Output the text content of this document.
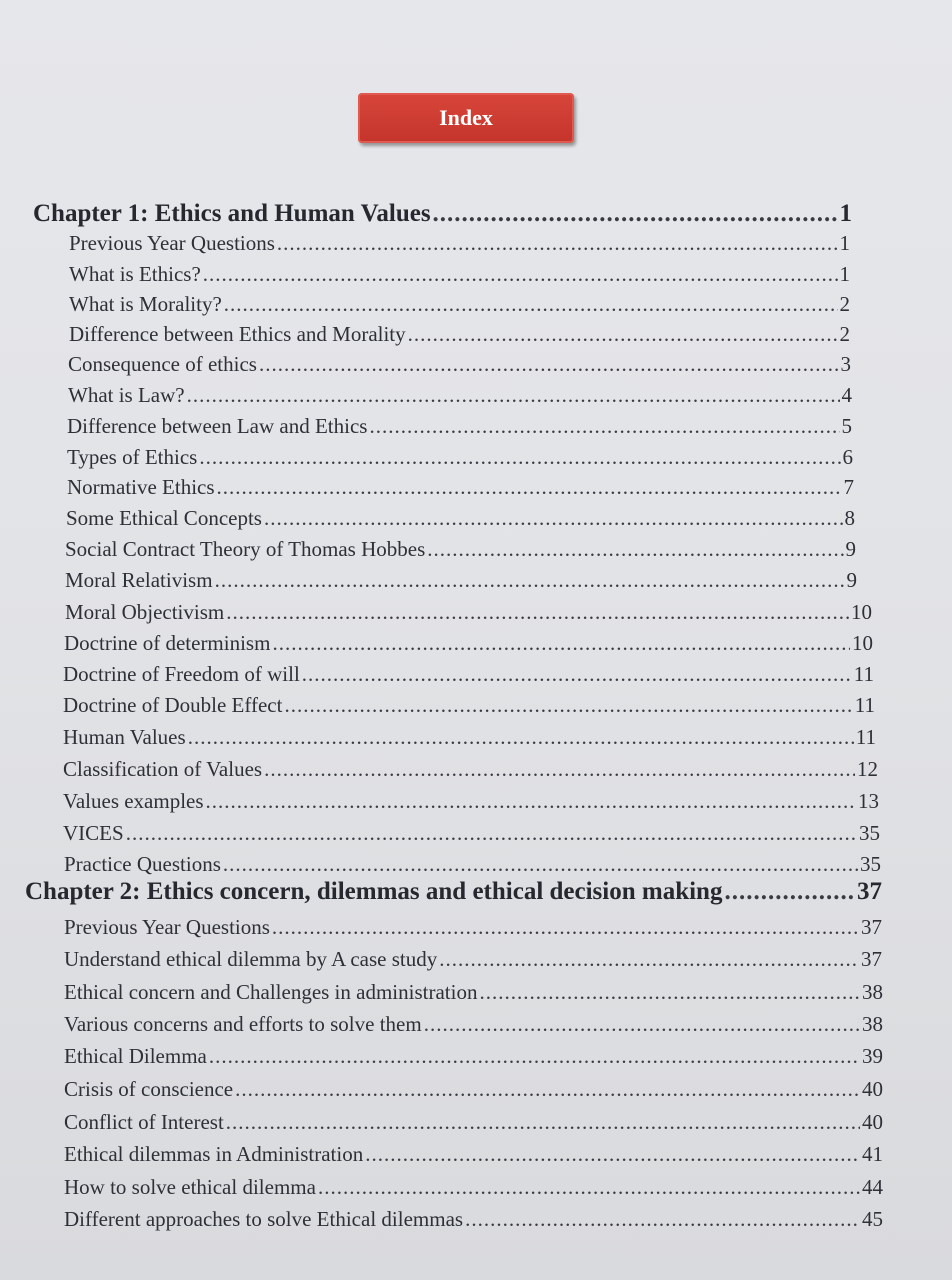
Index
Chapter 1: Ethics and Human Values .....	1
Previous Year Questions .....	1
What is Ethics? .....	1
What is Morality? .....	2
Difference between Ethics and Morality .....	2
Consequence of ethics .....	3
What is Law? .....	4
Difference between Law and Ethics .....	5
Types of Ethics .....	6
Normative Ethics .....	7
Some Ethical Concepts .....	8
Social Contract Theory of Thomas Hobbes .....	9
Moral Relativism .....	9
Moral Objectivism .....	10
Doctrine of determinism .....	10
Doctrine of Freedom of will .....	11
Doctrine of Double Effect .....	11
Human Values .....	11
Classification of Values .....	12
Values examples .....	13
VICES .....	35
Practice Questions .....	35
Chapter 2: Ethics concern, dilemmas and ethical decision making .....	37
Previous Year Questions .....	37
Understand ethical dilemma by A case study .....	37
Ethical concern and Challenges in administration .....	38
Various concerns and efforts to solve them .....	38
Ethical Dilemma .....	39
Crisis of conscience .....	40
Conflict of Interest .....	40
Ethical dilemmas in Administration .....	41
How to solve ethical dilemma .....	44
Different approaches to solve Ethical dilemmas .....	45
